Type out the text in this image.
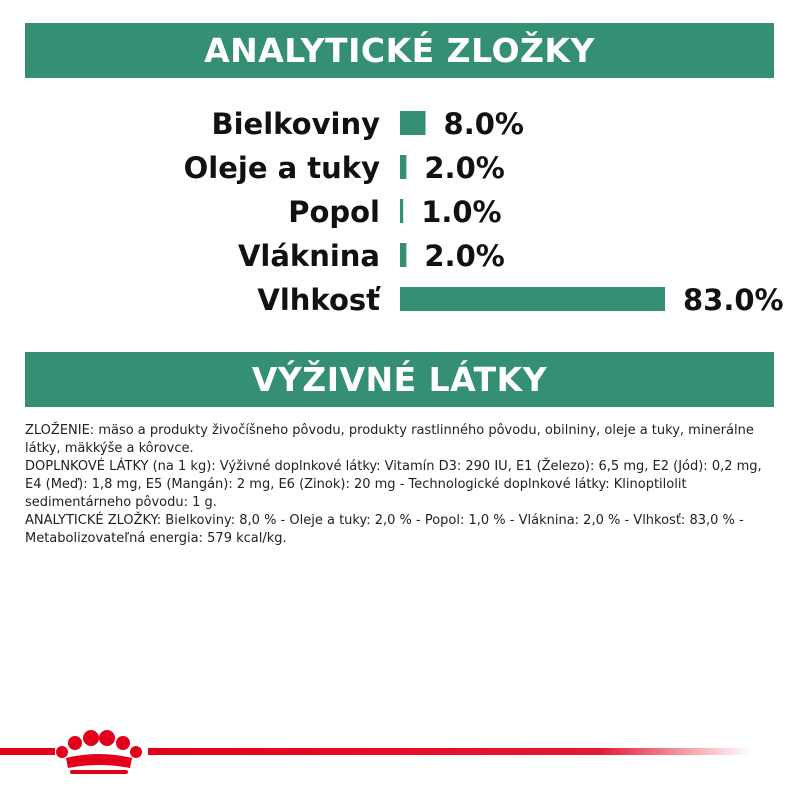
ANALYTICKÉ ZLOŽKY
Bielkoviny 8.0%
Oleje a tuky 2.0%
Popol 1.0%
Vláknina 2.0%
Vlhkosť	83.0%
VÝŽIVNÉ LÁTKY

ZLOŽENIE: mäso a produkty živočíšneho pôvodu, produkty rastlinného pôvodu, obilniny, oleje a tuky, minerálne látky, mäkkýše a kôrovce.

DOPLNKOVÉ LÁTKY (na 1 kg): Výživné doplnkové látky: Vitamín D3: 290 IU, E1 (Železo): 6,5 mg, E2 (Jód): 0,2 mg, E4 (Meď): 1,8 mg, E5 (Mangán): 2 mg, E6 (Zinok): 20 mg - Technologické doplnkové látky: Klinoptilolit sedimentárneho pôvodu: 1 g.

ANALYTICKÉ ZLOŽKY: Bielkoviny: 8,0 % - Oleje a tuky: 2,0 % - Popol: 1,0 % - Vláknina: 2,0 % - Vlhkosť: 83,0 % - Metabolizovateľná energia: 579 kcal/kg.
